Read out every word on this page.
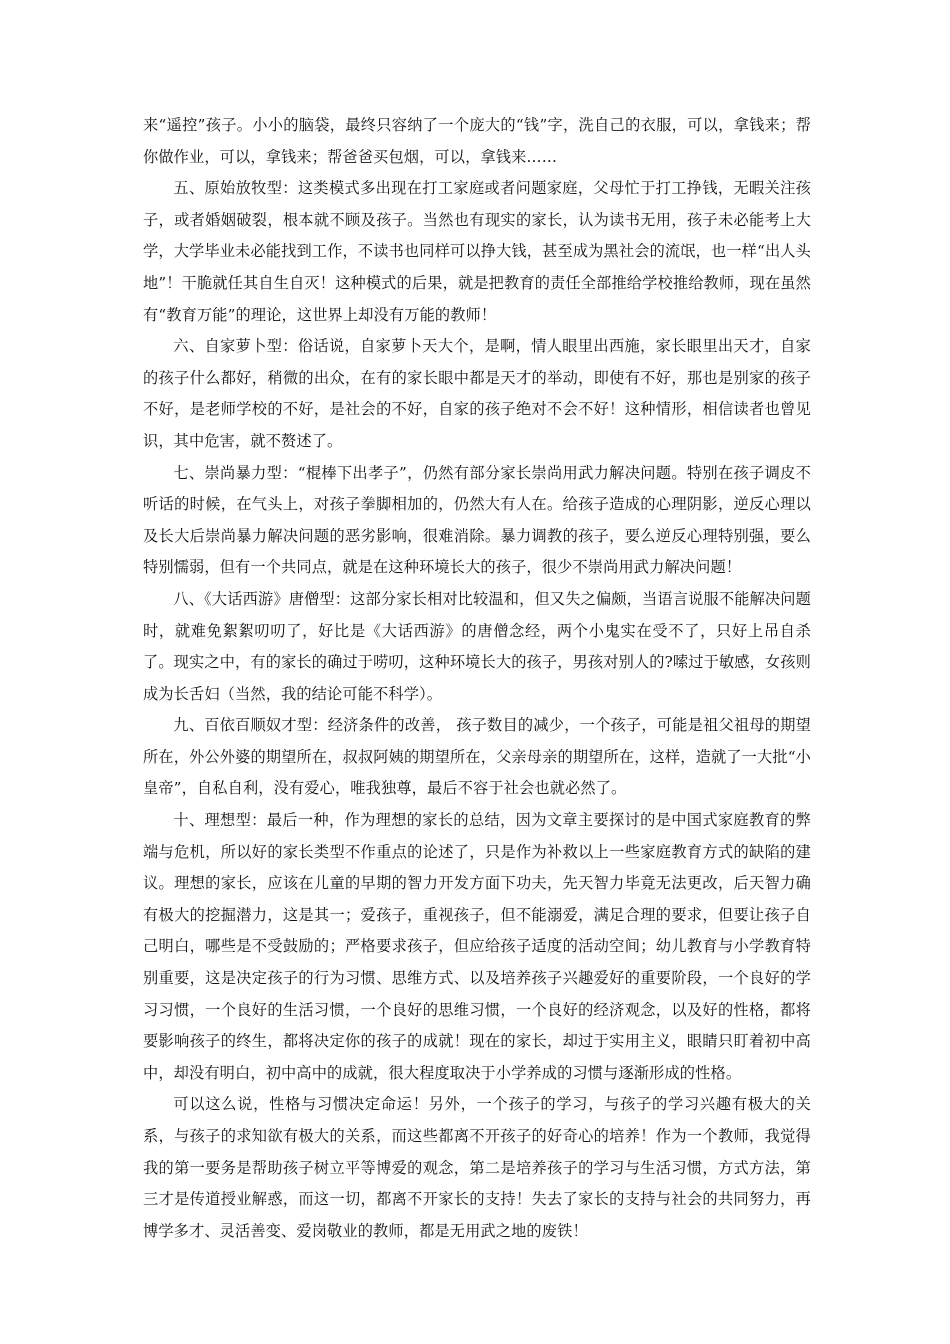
来“遥控”孩子。小小的脑袋，最终只容纳了一个庞大的“钱”字，洗自己的衣服，可以，拿钱来；帮你做作业，可以，拿钱来；帮爸爸买包烟，可以，拿钱来……

五、原始放牧型：这类模式多出现在打工家庭或者问题家庭，父母忙于打工挣钱，无暇关注孩子，或者婚姻破裂，根本就不顾及孩子。当然也有现实的家长，认为读书无用，孩子未必能考上大学，大学毕业未必能找到工作，不读书也同样可以挣大钱，甚至成为黑社会的流氓，也一样“出人头地”！干脆就任其自生自灭！这种模式的后果，就是把教育的责任全部推给学校推给教师，现在虽然有“教育万能”的理论，这世界上却没有万能的教师！

六、自家萝卜型：俗话说，自家萝卜天大个，是啊，情人眼里出西施，家长眼里出天才，自家的孩子什么都好，稍微的出众，在有的家长眼中都是天才的举动，即使有不好，那也是别家的孩子不好，是老师学校的不好，是社会的不好，自家的孩子绝对不会不好！这种情形，相信读者也曾见识，其中危害，就不赘述了。

七、崇尚暴力型：“棍棒下出孝子”，仍然有部分家长崇尚用武力解决问题。特别在孩子调皮不听话的时候，在气头上，对孩子拳脚相加的，仍然大有人在。给孩子造成的心理阴影，逆反心理以及长大后崇尚暴力解决问题的恶劣影响，很难消除。暴力调教的孩子，要么逆反心理特别强，要么特别懦弱，但有一个共同点，就是在这种环境长大的孩子，很少不崇尚用武力解决问题！

八、《大话西游》唐僧型：这部分家长相对比较温和，但又失之偏颇，当语言说服不能解决问题时，就难免絮絮叨叨了，好比是《大话西游》的唐僧念经，两个小鬼实在受不了，只好上吊自杀了。现实之中，有的家长的确过于唠叨，这种环境长大的孩子，男孩对别人的?嗦过于敏感，女孩则成为长舌妇（当然，我的结论可能不科学）。

九、百依百顺奴才型：经济条件的改善， 孩子数目的减少，一个孩子，可能是祖父祖母的期望所在，外公外婆的期望所在，叔叔阿姨的期望所在，父亲母亲的期望所在，这样，造就了一大批“小皇帝”，自私自利，没有爱心，唯我独尊，最后不容于社会也就必然了。

十、理想型：最后一种，作为理想的家长的总结，因为文章主要探讨的是中国式家庭教育的弊端与危机，所以好的家长类型不作重点的论述了，只是作为补救以上一些家庭教育方式的缺陷的建议。理想的家长，应该在儿童的早期的智力开发方面下功夫，先天智力毕竟无法更改，后天智力确有极大的挖掘潜力，这是其一；爱孩子，重视孩子，但不能溺爱，满足合理的要求，但要让孩子自己明白，哪些是不受鼓励的；严格要求孩子，但应给孩子适度的活动空间；幼儿教育与小学教育特别重要，这是决定孩子的行为习惯、思维方式、以及培养孩子兴趣爱好的重要阶段，一个良好的学习习惯，一个良好的生活习惯，一个良好的思维习惯，一个良好的经济观念，以及好的性格，都将要影响孩子的终生，都将决定你的孩子的成就！现在的家长，却过于实用主义，眼睛只盯着初中高中，却没有明白，初中高中的成就，很大程度取决于小学养成的习惯与逐渐形成的性格。

可以这么说，性格与习惯决定命运！另外，一个孩子的学习，与孩子的学习兴趣有极大的关系，与孩子的求知欲有极大的关系，而这些都离不开孩子的好奇心的培养！作为一个教师，我觉得我的第一要务是帮助孩子树立平等博爱的观念，第二是培养孩子的学习与生活习惯，方式方法，第三才是传道授业解惑，而这一切，都离不开家长的支持！失去了家长的支持与社会的共同努力，再博学多才、灵活善变、爱岗敬业的教师，都是无用武之地的废铁！
